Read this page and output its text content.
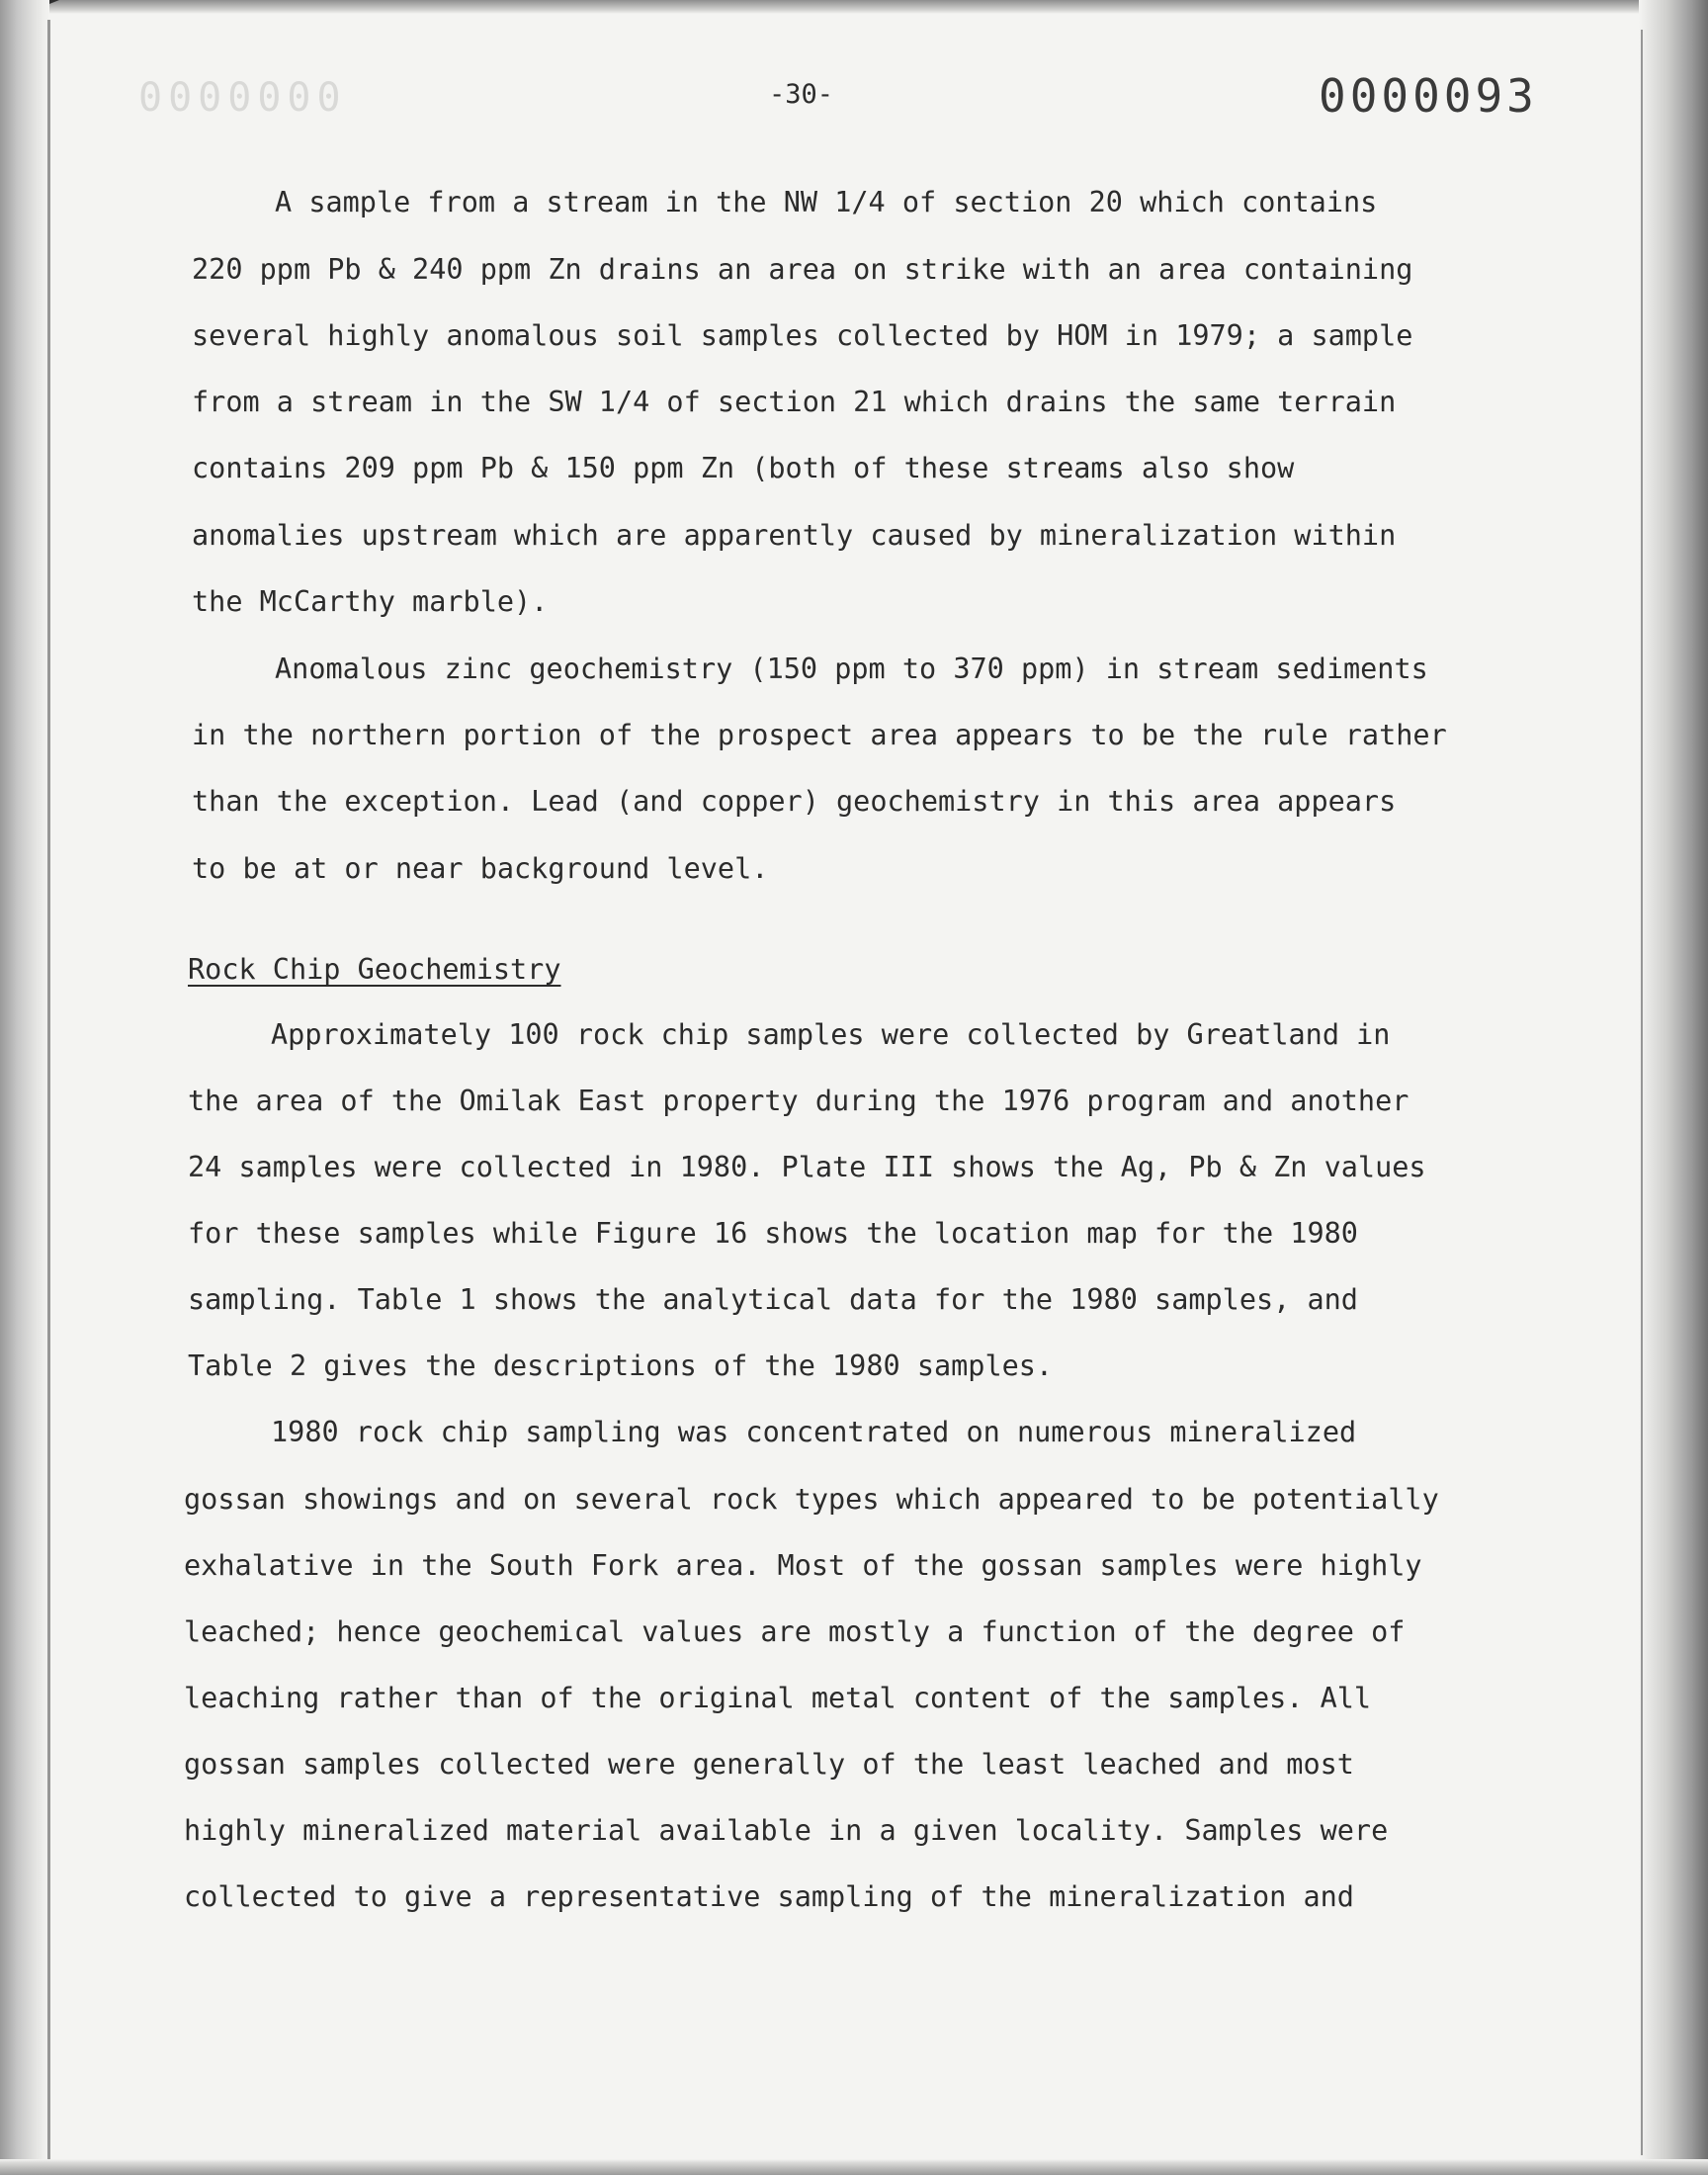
0000000	-30-	0000093
A sample from a stream in the NW 1/4 of section 20 which contains
220 ppm Pb & 240 ppm Zn drains an area on strike with an area containing
several highly anomalous soil samples collected by HOM in 1979; a sample
from a stream in the SW 1/4 of section 21 which drains the same terrain
contains 209 ppm Pb & 150 ppm Zn (both of these streams also show
anomalies upstream which are apparently caused by mineralization within
the McCarthy marble).
Anomalous zinc geochemistry (150 ppm to 370 ppm) in stream sediments
in the northern portion of the prospect area appears to be the rule rather
than the exception. Lead (and copper) geochemistry in this area appears
to be at or near background level.
Rock Chip Geochemistry
Approximately 100 rock chip samples were collected by Greatland in
the area of the Omilak East property during the 1976 program and another
24 samples were collected in 1980. Plate III shows the Ag, Pb & Zn values
for these samples while Figure 16 shows the location map for the 1980
sampling. Table 1 shows the analytical data for the 1980 samples, and
Table 2 gives the descriptions of the 1980 samples.
1980 rock chip sampling was concentrated on numerous mineralized
gossan showings and on several rock types which appeared to be potentially
exhalative in the South Fork area. Most of the gossan samples were highly
leached; hence geochemical values are mostly a function of the degree of
leaching rather than of the original metal content of the samples. All
gossan samples collected were generally of the least leached and most
highly mineralized material available in a given locality. Samples were
collected to give a representative sampling of the mineralization and
